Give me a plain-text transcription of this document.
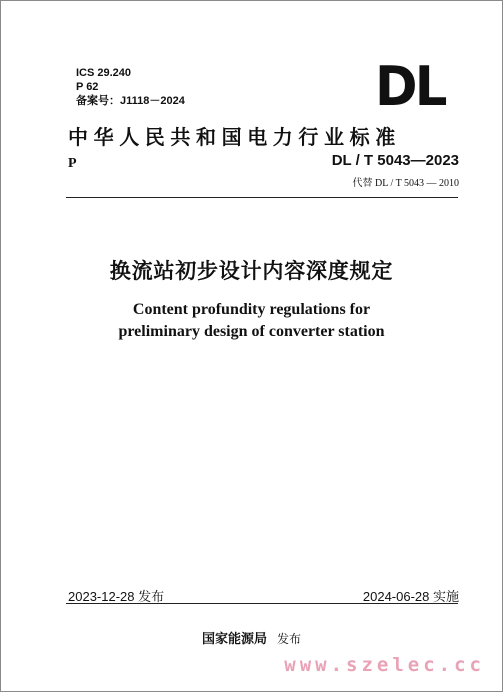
ICS 29.240
P 62
备案号：J1118－2024	DL
中华人民共和国电力行业标准
P	DL / T 5043—2023
代替 DL / T 5043 — 2010
换流站初步设计内容深度规定
Content profundity regulations for
preliminary design of converter station
2023-12-28 发布	2024-06-28 实施
国家能源局 发布
www.szelec.cc
